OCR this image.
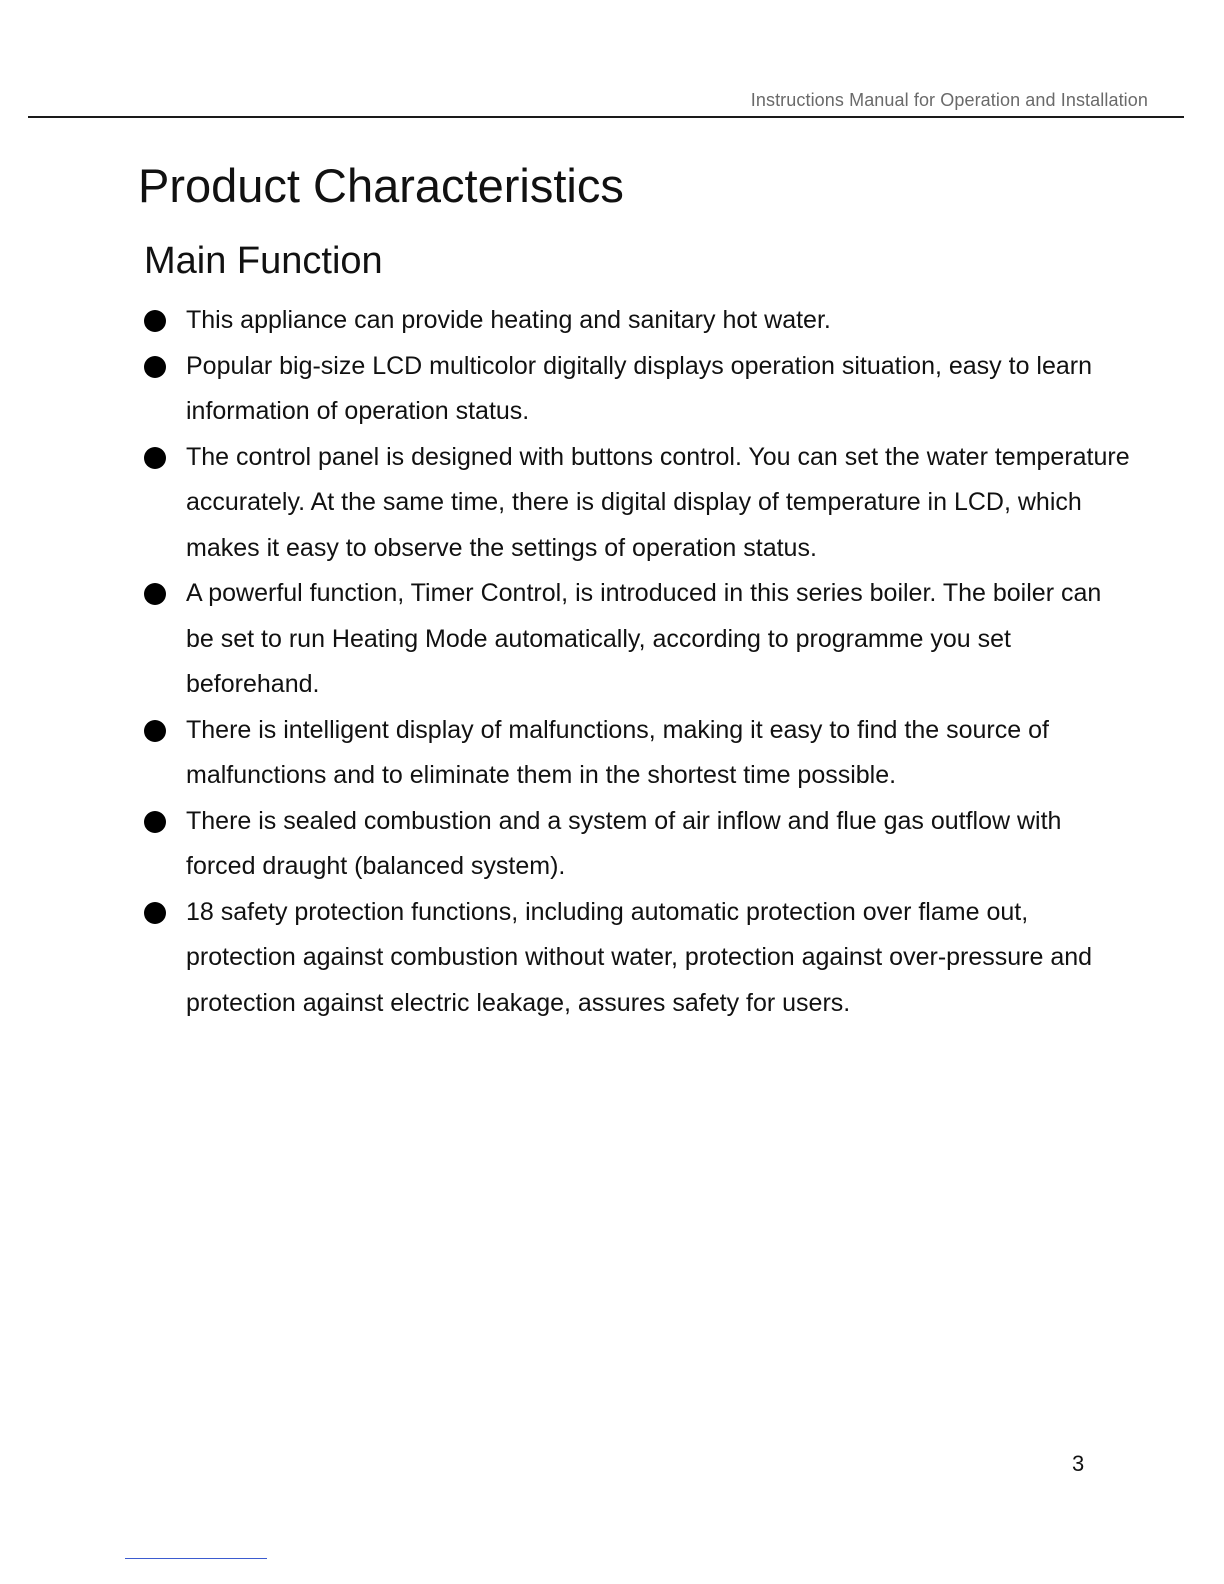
Instructions Manual for Operation and Installation
Product Characteristics
Main Function
This appliance can provide heating and sanitary hot water.
Popular big-size LCD multicolor digitally displays operation situation, easy to learn information of operation status.
The control panel is designed with buttons control. You can set the water temperature accurately. At the same time, there is digital display of temperature in LCD, which makes it easy to observe the settings of operation status.
A powerful function, Timer Control, is introduced in this series boiler. The boiler can be set to run Heating Mode automatically, according to programme you set beforehand.
There is intelligent display of malfunctions, making it easy to find the source of malfunctions and to eliminate them in the shortest time possible.
There is sealed combustion and a system of air inflow and flue gas outflow with forced draught (balanced system).
18 safety protection functions, including automatic protection over flame out, protection against combustion without water, protection against over-pressure and protection against electric leakage, assures safety for users.
3
